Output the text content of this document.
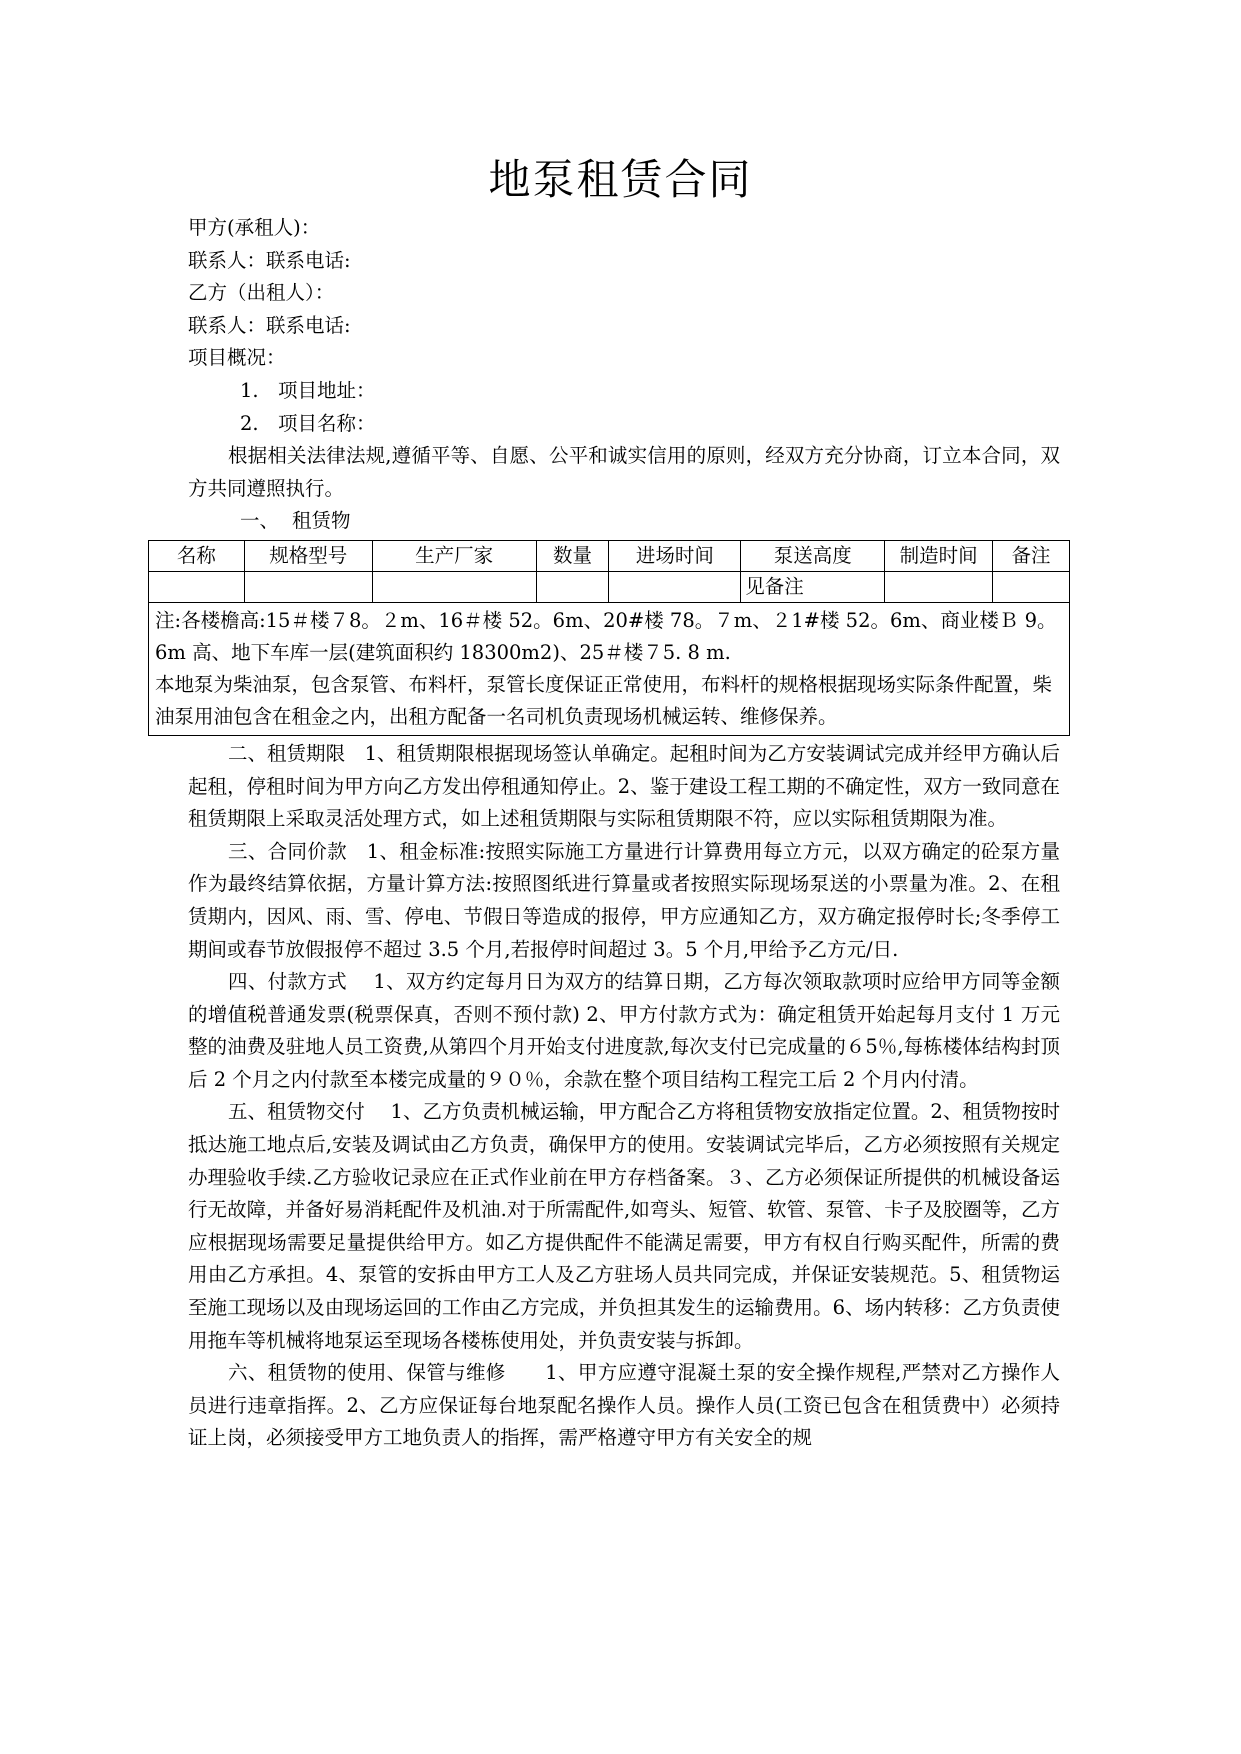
地泵租赁合同
甲方(承租人)：
联系人：联系电话:
乙方（出租人）：
联系人：联系电话:
项目概况：
1. 项目地址：
2. 项目名称：

根据相关法律法规,遵循平等、自愿、公平和诚实信用的原则，经双方充分协商，订立本合同，双方共同遵照执行。

一、 租赁物
名称	规格型号	生产厂家	数量	进场时间	泵送高度	制造时间	备注
					见备注		

注:各楼檐高:15＃楼７8。２m、16＃楼 52。6m、20#楼 78。７m、２1#楼 52。6m、商业楼Ｂ 9。6m 高、地下车库一层(建筑面积约 18300m2)、25＃楼７5. 8 m.
本地泵为柴油泵，包含泵管、布料杆，泵管长度保证正常使用，布料杆的规格根据现场实际条件配置，柴油泵用油包含在租金之内，出租方配备一名司机负责现场机械运转、维修保养。							

二、租赁期限　1、租赁期限根据现场签认单确定。起租时间为乙方安装调试完成并经甲方确认后起租，停租时间为甲方向乙方发出停租通知停止。2、鉴于建设工程工期的不确定性，双方一致同意在租赁期限上采取灵活处理方式，如上述租赁期限与实际租赁期限不符，应以实际租赁期限为准。

三、合同价款　1、租金标准:按照实际施工方量进行计算费用每立方元，以双方确定的砼泵方量作为最终结算依据，方量计算方法:按照图纸进行算量或者按照实际现场泵送的小票量为准。2、在租赁期内，因风、雨、雪、停电、节假日等造成的报停，甲方应通知乙方，双方确定报停时长;冬季停工期间或春节放假报停不超过 3.5 个月,若报停时间超过 3。5 个月,甲给予乙方元/日.

四、付款方式　 1、双方约定每月日为双方的结算日期，乙方每次领取款项时应给甲方同等金额的增值税普通发票(税票保真，否则不预付款) 2、甲方付款方式为：确定租赁开始起每月支付 1 万元整的油费及驻地人员工资费,从第四个月开始支付进度款,每次支付已完成量的６5％,每栋楼体结构封顶后 2 个月之内付款至本楼完成量的９０％，余款在整个项目结构工程完工后 2 个月内付清。

五、租赁物交付　 1、乙方负责机械运输，甲方配合乙方将租赁物安放指定位置。2、租赁物按时抵达施工地点后,安装及调试由乙方负责，确保甲方的使用。安装调试完毕后，乙方必须按照有关规定办理验收手续.乙方验收记录应在正式作业前在甲方存档备案。３、乙方必须保证所提供的机械设备运行无故障，并备好易消耗配件及机油.对于所需配件,如弯头、短管、软管、泵管、卡子及胶圈等，乙方应根据现场需要足量提供给甲方。如乙方提供配件不能满足需要，甲方有权自行购买配件，所需的费用由乙方承担。4、泵管的安拆由甲方工人及乙方驻场人员共同完成，并保证安装规范。5、租赁物运至施工现场以及由现场运回的工作由乙方完成，并负担其发生的运输费用。6、场内转移：乙方负责使用拖车等机械将地泵运至现场各楼栋使用处，并负责安装与拆卸。

六、租赁物的使用、保管与维修　　1、甲方应遵守混凝土泵的安全操作规程,严禁对乙方操作人员进行违章指挥。2、乙方应保证每台地泵配名操作人员。操作人员(工资已包含在租赁费中）必须持证上岗，必须接受甲方工地负责人的指挥，需严格遵守甲方有关安全的规
